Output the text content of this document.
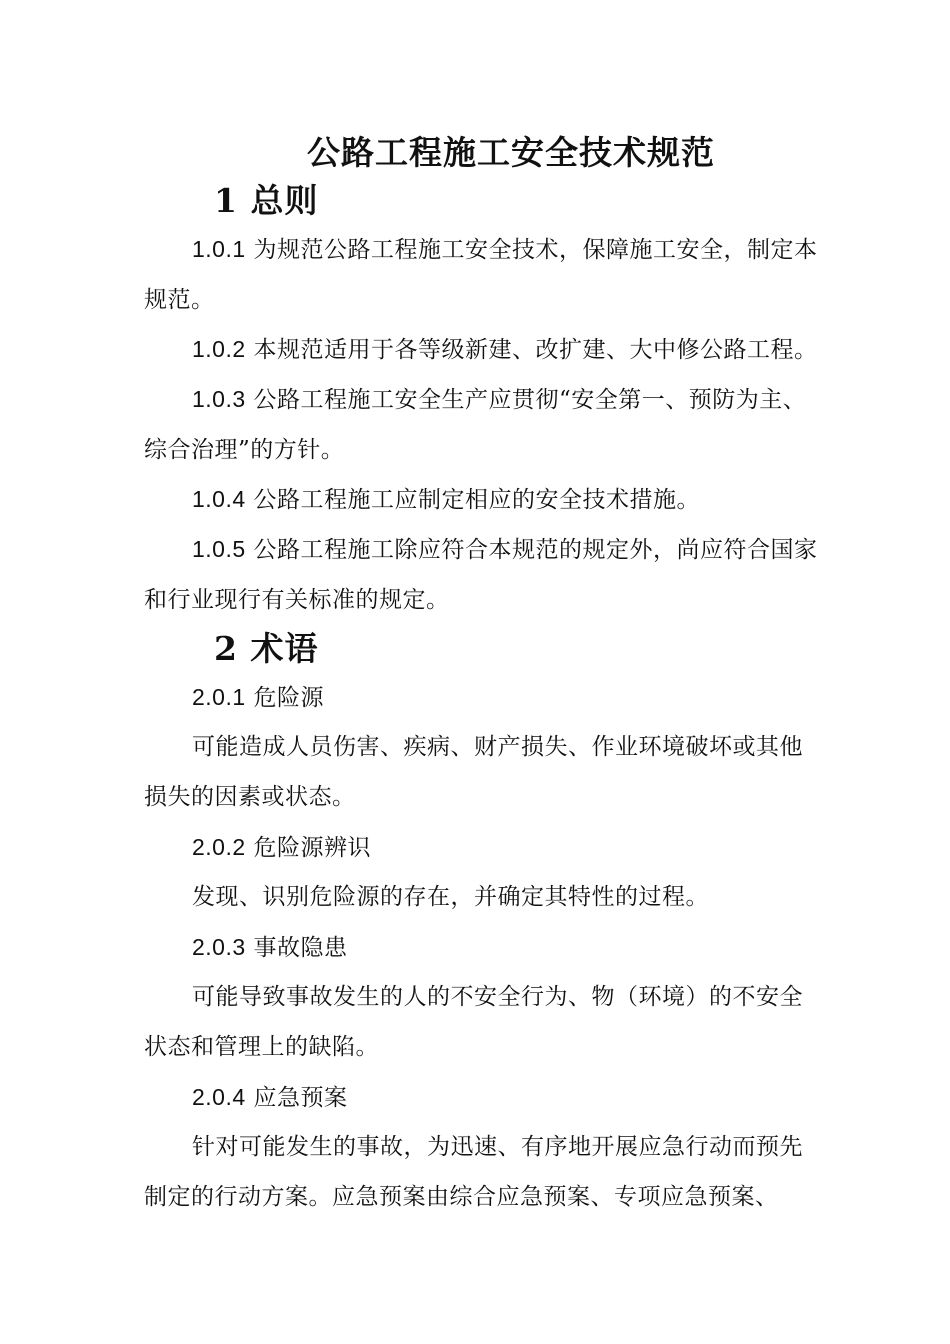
公路工程施工安全技术规范
1 总则

1.0.1 为规范公路工程施工安全技术，保障施工安全，制定本规范。

1.0.2 本规范适用于各等级新建、改扩建、大中修公路工程。

1.0.3 公路工程施工安全生产应贯彻“安全第一、预防为主、综合治理”的方针。

1.0.4 公路工程施工应制定相应的安全技术措施。

1.0.5 公路工程施工除应符合本规范的规定外，尚应符合国家和行业现行有关标准的规定。

2 术语

2.0.1 危险源

可能造成人员伤害、疾病、财产损失、作业环境破坏或其他损失的因素或状态。

2.0.2 危险源辨识

发现、识别危险源的存在，并确定其特性的过程。

2.0.3 事故隐患

可能导致事故发生的人的不安全行为、物（环境）的不安全状态和管理上的缺陷。

2.0.4 应急预案

针对可能发生的事故，为迅速、有序地开展应急行动而预先制定的行动方案。应急预案由综合应急预案、专项应急预案、
